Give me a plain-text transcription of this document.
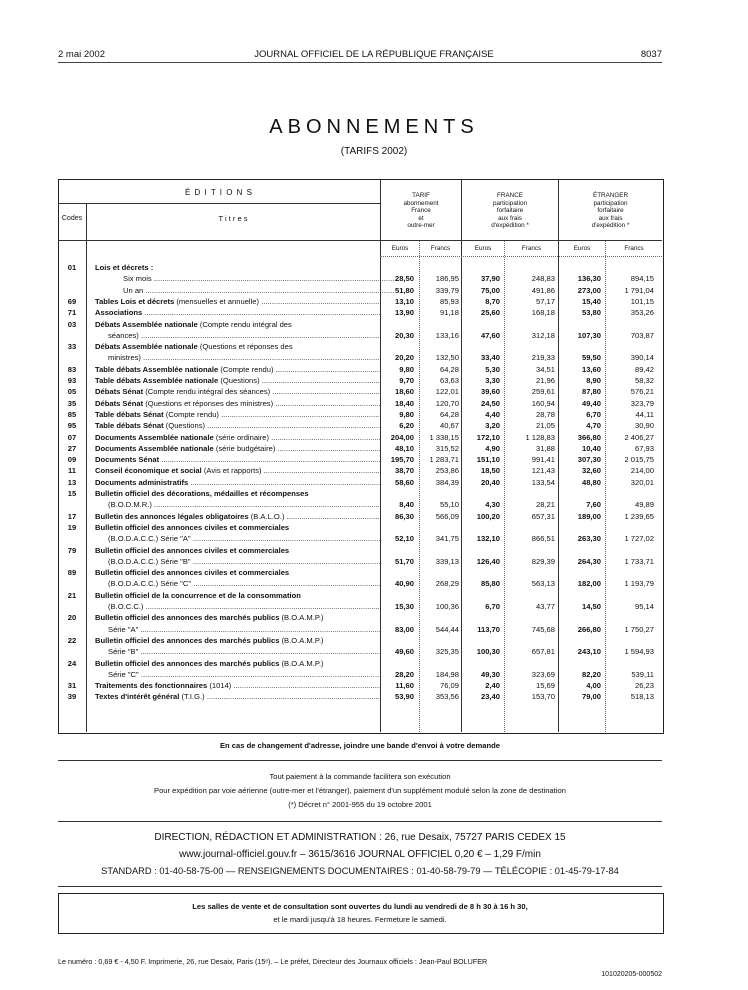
2 mai 2002	JOURNAL OFFICIEL DE LA RÉPUBLIQUE FRANÇAISE	8037
ABONNEMENTS
(TARIFS 2002)
É D I T I O N S
Codes	T i t r e s
TARIF
abonnement
France
et
outre-mer
FRANCE
participation
forfaitaire
aux frais
d'expédition *
ÉTRANGER
participation
forfaitaire
aux frais
d'expédition *
Euros	Francs	Euros	Francs	Euros	Francs
01	Lois et décrets :
Six mois .....	28,50	186,95	37,90	248,83	136,30	894,15
Un an .....	51,80	339,79	75,00	491,86	273,00	1 791,04
69	Tables Lois et décrets (mensuelles et annuelle) .....	13,10	85,93	8,70	57,17	15,40	101,15
71	Associations .....	13,90	91,18	25,60	168,18	53,80	353,26
03	Débats Assemblée nationale (Compte rendu intégral des
séances) .....	20,30	133,16	47,60	312,18	107,30	703,87
33	Débats Assemblée nationale (Questions et réponses des
ministres) .....	20,20	132,50	33,40	219,33	59,50	390,14
83	Table débats Assemblée nationale (Compte rendu) .....	9,80	64,28	5,30	34,51	13,60	89,42
93	Table débats Assemblée nationale (Questions) .....	9,70	63,63	3,30	21,96	8,90	58,32
05	Débats Sénat (Compte rendu intégral des séances) .....	18,60	122,01	39,60	259,61	87,80	576,21
35	Débats Sénat (Questions et réponses des ministres) .....	18,40	120,70	24,50	160,94	49,40	323,79
85	Table débats Sénat (Compte rendu) .....	9,80	64,28	4,40	28,78	6,70	44,11
95	Table débats Sénat (Questions) .....	6,20	40,67	3,20	21,05	4,70	30,90
07	Documents Assemblée nationale (série ordinaire) .....	204,00	1 338,15	172,10	1 128,83	366,80	2 406,27
27	Documents Assemblée nationale (série budgétaire) .....	48,10	315,52	4,90	31,88	10,40	67,93
09	Documents Sénat .....	195,70	1 283,71	151,10	991,41	307,30	2 015,75
11	Conseil économique et social (Avis et rapports) .....	38,70	253,86	18,50	121,43	32,60	214,00
13	Documents administratifs .....	58,60	384,39	20,40	133,54	48,80	320,01
15	Bulletin officiel des décorations, médailles et récompenses
(B.O.D.M.R.) .....	8,40	55,10	4,30	28,21	7,60	49,89
17	Bulletin des annonces légales obligatoires (B.A.L.O.) .....	86,30	566,09	100,20	657,31	189,00	1 239,65
19	Bulletin officiel des annonces civiles et commerciales
(B.O.D.A.C.C.) Série "A" .....	52,10	341,75	132,10	866,51	263,30	1 727,02
79	Bulletin officiel des annonces civiles et commerciales
(B.O.D.A.C.C.) Série "B" .....	51,70	339,13	126,40	829,39	264,30	1 733,71
89	Bulletin officiel des annonces civiles et commerciales
(B.O.D.A.C.C.) Série "C" .....	40,90	268,29	85,80	563,13	182,00	1 193,79
21	Bulletin officiel de la concurrence et de la consommation
(B.O.C.C.) .....	15,30	100,36	6,70	43,77	14,50	95,14
20	Bulletin officiel des annonces des marchés publics (B.O.A.M.P.)
Série "A" .....	83,00	544,44	113,70	745,68	266,80	1 750,27
22	Bulletin officiel des annonces des marchés publics (B.O.A.M.P.)
Série "B" .....	49,60	325,35	100,30	657,81	243,10	1 594,93
24	Bulletin officiel des annonces des marchés publics (B.O.A.M.P.)
Série "C" .....	28,20	184,98	49,30	323,69	82,20	539,11
31	Traitements des fonctionnaires (1014) .....	11,60	76,09	2,40	15,69	4,00	26,23
39	Textes d'intérêt général (T.I.G.) .....	53,90	353,56	23,40	153,70	79,00	518,13
En cas de changement d'adresse, joindre une bande d'envoi à votre demande
Tout paiement à la commande facilitera son exécution
Pour expédition par voie aérienne (outre-mer et l'étranger), paiement d'un supplément modulé selon la zone de destination
(*) Décret n° 2001-955 du 19 octobre 2001
DIRECTION, RÉDACTION ET ADMINISTRATION : 26, rue Desaix, 75727 PARIS CEDEX 15
www.journal-officiel.gouv.fr – 3615/3616 JOURNAL OFFICIEL 0,20 € – 1,29 F/min
STANDARD : 01-40-58-75-00 — RENSEIGNEMENTS DOCUMENTAIRES : 01-40-58-79-79 — TÉLÉCOPIE : 01-45-79-17-84
Les salles de vente et de consultation sont ouvertes du lundi au vendredi de 8 h 30 à 16 h 30,
et le mardi jusqu'à 18 heures. Fermeture le samedi.
Le numéro : 0,69 € - 4,50 F. Imprimerie, 26, rue Desaix, Paris (15ᵉ). – Le préfet, Directeur des Journaux officiels : Jean-Paul BOLUFER
101020205-000502
